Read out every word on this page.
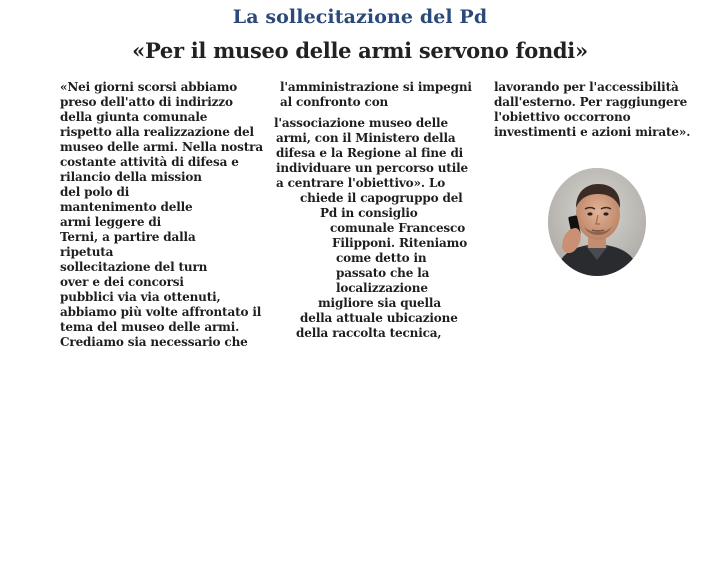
La sollecitazione del Pd
«Per il museo delle armi servono fondi»
«Nei giorni scorsi abbiamo
preso dell'atto di indirizzo
della giunta comunale
rispetto alla realizzazione del
museo delle armi. Nella nostra
costante attività di difesa e
rilancio della mission
del polo di
mantenimento delle
armi leggere di
Terni, a partire dalla
ripetuta
sollecitazione del turn
over e dei concorsi
pubblici via via ottenuti,
abbiamo più volte affrontato il
tema del museo delle armi.
Crediamo sia necessario che
l'amministrazione si impegni
al confronto con
l'associazione museo delle
armi, con il Ministero della
difesa e la Regione al fine di
individuare un percorso utile
a centrare l'obiettivo». Lo
chiede il capogruppo del
Pd in consiglio
comunale Francesco
Filipponi. Riteniamo
come detto in
passato che la
localizzazione
migliore sia quella
della attuale ubicazione
della raccolta tecnica,
lavorando per l'accessibilità
dall'esterno. Per raggiungere
l'obiettivo occorrono
investimenti e azioni mirate».
